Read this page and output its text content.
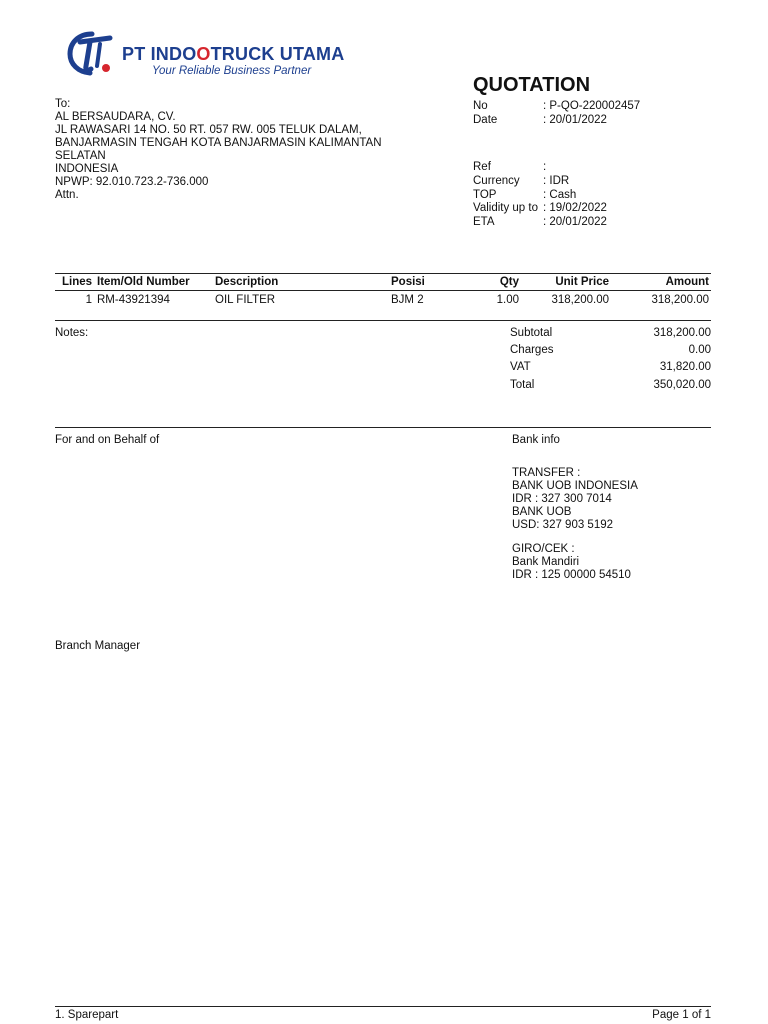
PT INDOOTRUCK UTAMA
Your Reliable Business Partner
QUOTATION
To:
AL BERSAUDARA, CV.
JL RAWASARI 14 NO. 50 RT. 057 RW. 005 TELUK DALAM,
BANJARMASIN TENGAH KOTA BANJARMASIN KALIMANTAN
SELATAN
INDONESIA
NPWP: 92.010.723.2-736.000
Attn.
No	: P-QO-220002457
Date	: 20/01/2022
Ref	:
Currency : IDR
TOP	: Cash
Validity up to : 19/02/2022
ETA	: 20/01/2022
Lines Item/Old Number Description	Posisi	Qty	Unit Price	Amount
1 RM-43921394	OIL FILTER	BJM 2	1.00	318,200.00	318,200.00
Notes:	Subtotal	318,200.00
Charges	0.00
VAT	31,820.00
Total	350,020.00
For and on Behalf of
Branch Manager
Bank info
TRANSFER :
BANK UOB INDONESIA
IDR : 327 300 7014
BANK UOB
USD: 327 903 5192
GIRO/CEK :
Bank Mandiri
IDR : 125 00000 54510
1. Sparepart	Page 1 of 1
